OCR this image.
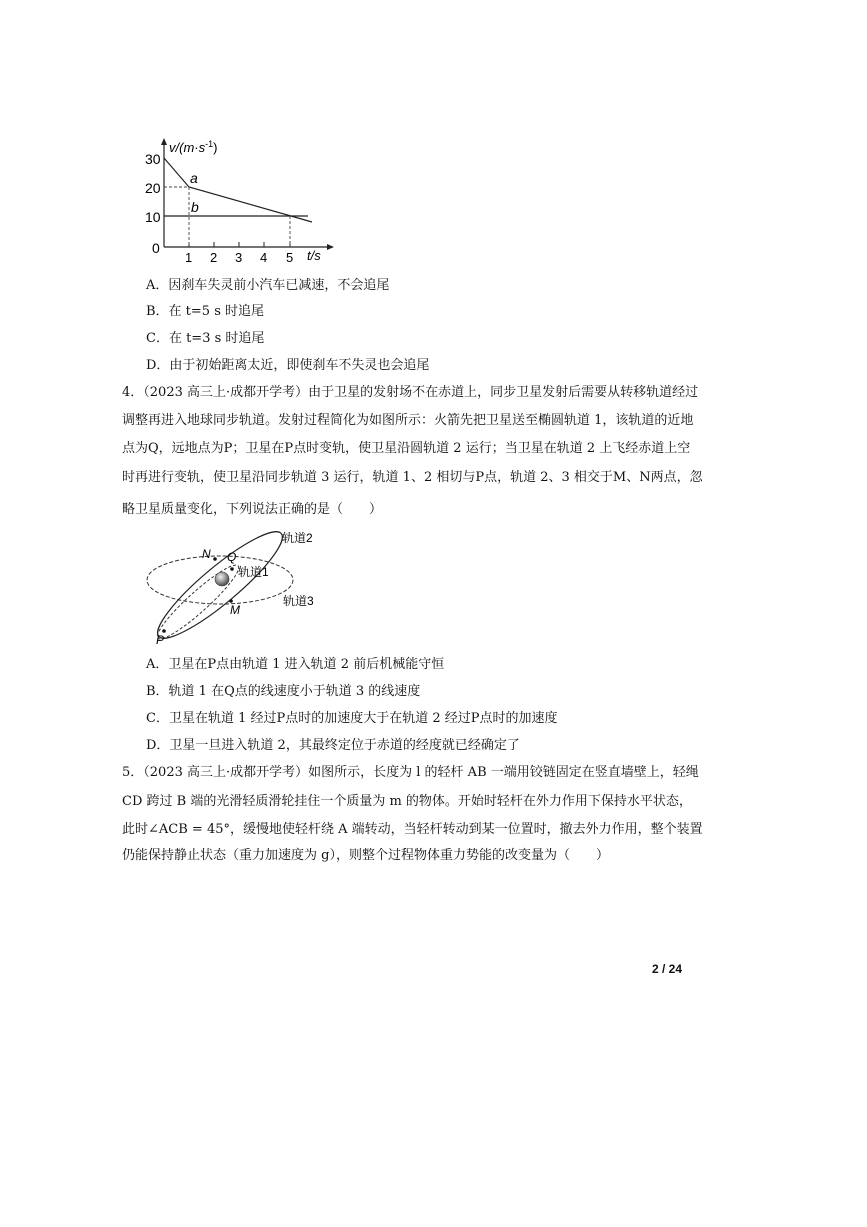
$v/(m\cdot s^{-1})$
t/s
30
20
10
0
1 2 3 4 5
a
b
A．因刹车失灵前小汽车已减速，不会追尾
B．在 t=5 s 时追尾
C．在 t=3 s 时追尾
D．由于初始距离太近，即使刹车不失灵也会追尾
4．（2023 高三上·成都开学考）由于卫星的发射场不在赤道上，同步卫星发射后需要从转移轨道经过
调整再进入地球同步轨道。发射过程简化为如图所示：火箭先把卫星送至椭圆轨道 1，该轨道的近地
点为Q，远地点为P；卫星在P点时变轨，使卫星沿圆轨道 2 运行；当卫星在轨道 2 上飞经赤道上空
时再进行变轨，使卫星沿同步轨道 3 运行，轨道 1、2 相切与P点，轨道 2、3 相交于M、N两点，忽
略卫星质量变化，下列说法正确的是（　　）
N Q
M
P
轨道1
轨道2
轨道3
A．卫星在P点由轨道 1 进入轨道 2 前后机械能守恒
B．轨道 1 在Q点的线速度小于轨道 3 的线速度
C．卫星在轨道 1 经过P点时的加速度大于在轨道 2 经过P点时的加速度
D．卫星一旦进入轨道 2，其最终定位于赤道的经度就已经确定了
5．（2023 高三上·成都开学考）如图所示，长度为 l 的轻杆 AB 一端用铰链固定在竖直墙壁上，轻绳
CD 跨过 B 端的光滑轻质滑轮挂住一个质量为 m 的物体。开始时轻杆在外力作用下保持水平状态，
此时∠ACB = 45°，缓慢地使轻杆绕 A 端转动，当轻杆转动到某一位置时，撤去外力作用，整个装置
仍能保持静止状态（重力加速度为 g），则整个过程物体重力势能的改变量为（　　）
2 / 24
